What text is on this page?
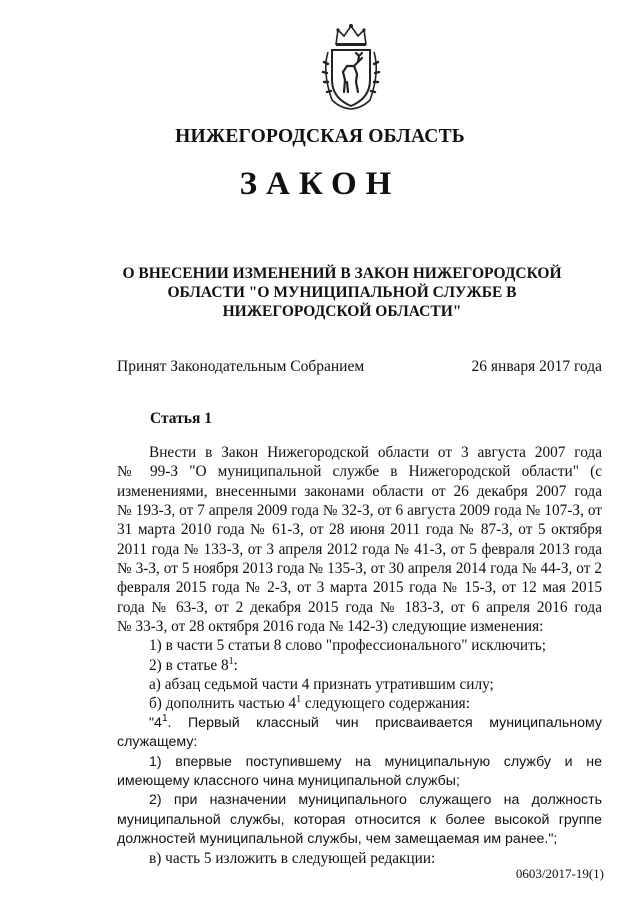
НИЖЕГОРОДСКАЯ ОБЛАСТЬ
ЗАКОН
О ВНЕСЕНИИ ИЗМЕНЕНИЙ В ЗАКОН НИЖЕГОРОДСКОЙ
ОБЛАСТИ "О МУНИЦИПАЛЬНОЙ СЛУЖБЕ В
НИЖЕГОРОДСКОЙ ОБЛАСТИ"
Принят Законодательным Собранием	26 января 2017 года
Статья 1

Внести в Закон Нижегородской области от 3 августа 2007 года

№ 99-З "О муниципальной службе в Нижегородской области" (с

изменениями, внесенными законами области от 26 декабря 2007 года

№ 193-З, от 7 апреля 2009 года № 32-З, от 6 августа 2009 года № 107-З, от

31 марта 2010 года № 61-З, от 28 июня 2011 года № 87-З, от 5 октября

2011 года № 133-З, от 3 апреля 2012 года № 41-З, от 5 февраля 2013 года

№ 3-З, от 5 ноября 2013 года № 135-З, от 30 апреля 2014 года № 44-З, от 2

февраля 2015 года № 2-З, от 3 марта 2015 года № 15-З, от 12 мая 2015

года № 63-З, от 2 декабря 2015 года № 183-З, от 6 апреля 2016 года

№ 33-З, от 28 октября 2016 года № 142-З) следующие изменения:

1) в части 5 статьи 8 слово "профессионального" исключить;

2) в статье $8^1$:

а) абзац седьмой части 4 признать утратившим силу;

б) дополнить частью $4^1$ следующего содержания:

"$4^1$. Первый классный чин присваивается муниципальному

служащему:

1) впервые поступившему на муниципальную службу и не

имеющему классного чина муниципальной службы;

2) при назначении муниципального служащего на должность

муниципальной службы, которая относится к более высокой группе

должностей муниципальной службы, чем замещаемая им ранее.";

в) часть 5 изложить в следующей редакции:

0603/2017-19(1)
